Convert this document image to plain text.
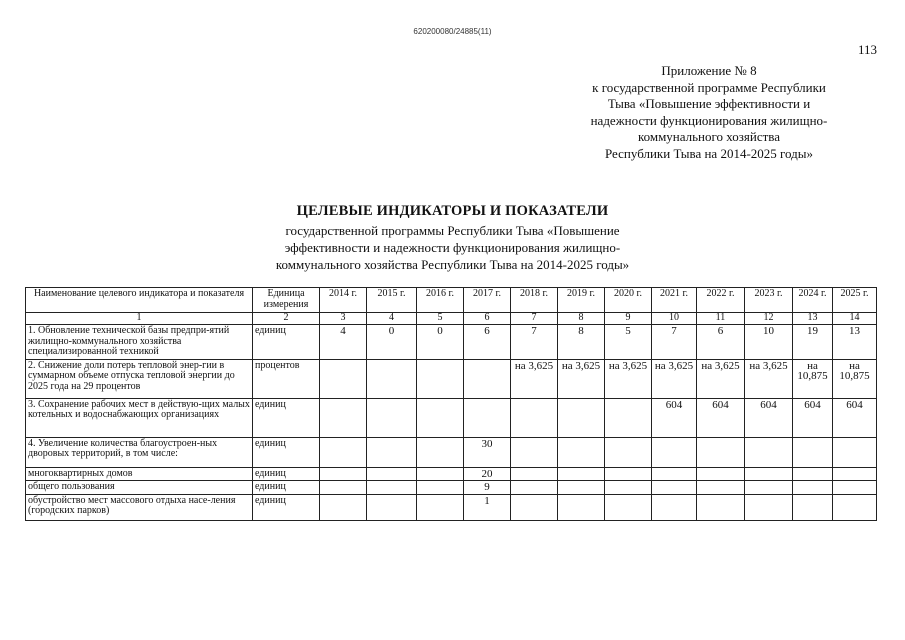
620200080/24885(11)
113
Приложение № 8
к государственной программе Республики
Тыва «Повышение эффективности и
надежности функционирования жилищно-
коммунального хозяйства
Республики Тыва на 2014-2025 годы»
ЦЕЛЕВЫЕ ИНДИКАТОРЫ И ПОКАЗАТЕЛИ
государственной программы Республики Тыва «Повышение
эффективности и надежности функционирования жилищно-
коммунального хозяйства Республики Тыва на 2014-2025 годы»
Наименование целевого индикатора и показателя	Единица измерения	2014 г.	2015 г.	2016 г.	2017 г.	2018 г.	2019 г.	2020 г.	2021 г.	2022 г.	2023 г.	2024 г.	2025 г.
1	2	3	4	5	6	7	8	9	10	11	12	13	14
1. Обновление технической базы предпри-ятий жилищно-коммунального хозяйства специализированной техникой	единиц	4	0	0	6	7	8	5	7	6	10	19	13
2. Снижение доли потерь тепловой энер-гии в суммарном объеме отпуска тепловой энергии до 2025 года на 29 процентов	процентов					на 3,625	на 3,625	на 3,625	на 3,625	на 3,625	на 3,625	на 10,875	на 10,875
3. Сохранение рабочих мест в действую-щих малых котельных и водоснабжающих организациях	единиц								604	604	604	604	604
4. Увеличение количества благоустроен-ных дворовых территорий, в том числе:	единиц				30								
многоквартирных домов	единиц				20								
общего пользования	единиц				9								
обустройство мест массового отдыха насе-ления (городских парков)	единиц				1								
